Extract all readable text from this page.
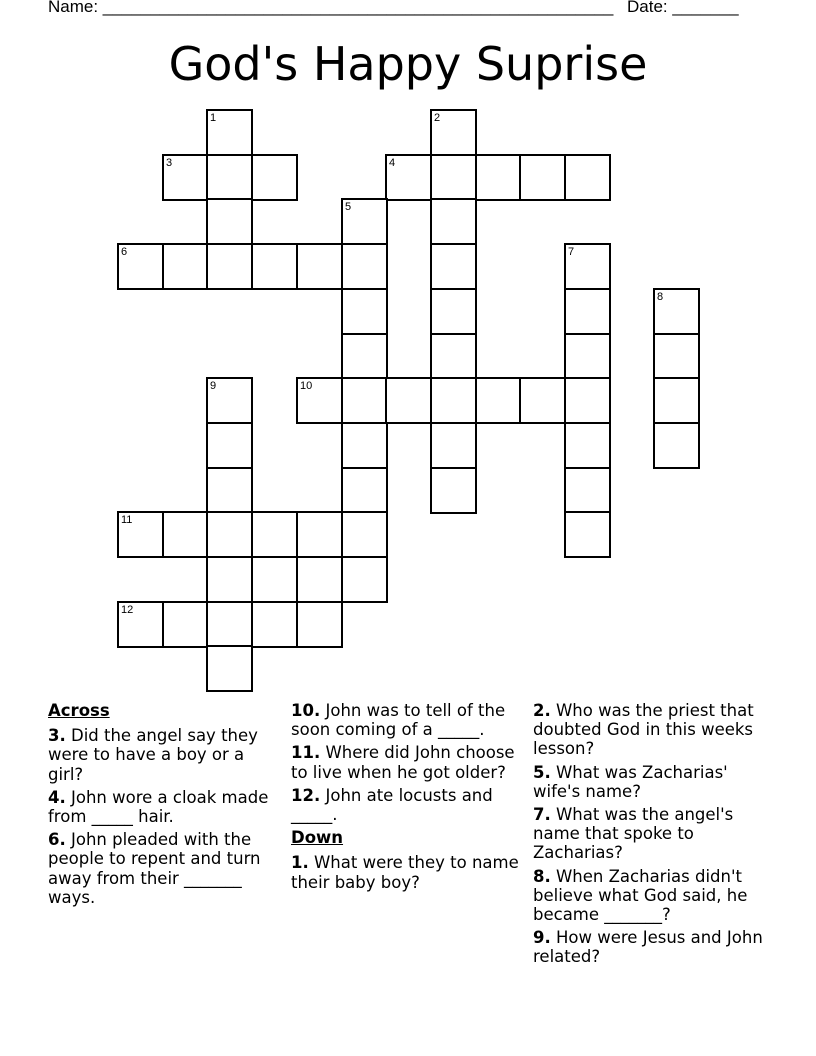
Name: ______________________________________________________ Date: _______
God's Happy Suprise
1	2
3	4
5
6	7
8
9	10
11
12
Across
3. Did the angel say they were to have a boy or a girl?
4. John wore a cloak made from _____ hair.
6. John pleaded with the people to repent and turn away from their _______ ways.
10. John was to tell of the soon coming of a _____.
11. Where did John choose to live when he got older?
12. John ate locusts and _____.
Down
1. What were they to name their baby boy?
2. Who was the priest that doubted God in this weeks lesson?
5. What was Zacharias' wife's name?
7. What was the angel's name that spoke to Zacharias?
8. When Zacharias didn't believe what God said, he became _______?
9. How were Jesus and John related?
